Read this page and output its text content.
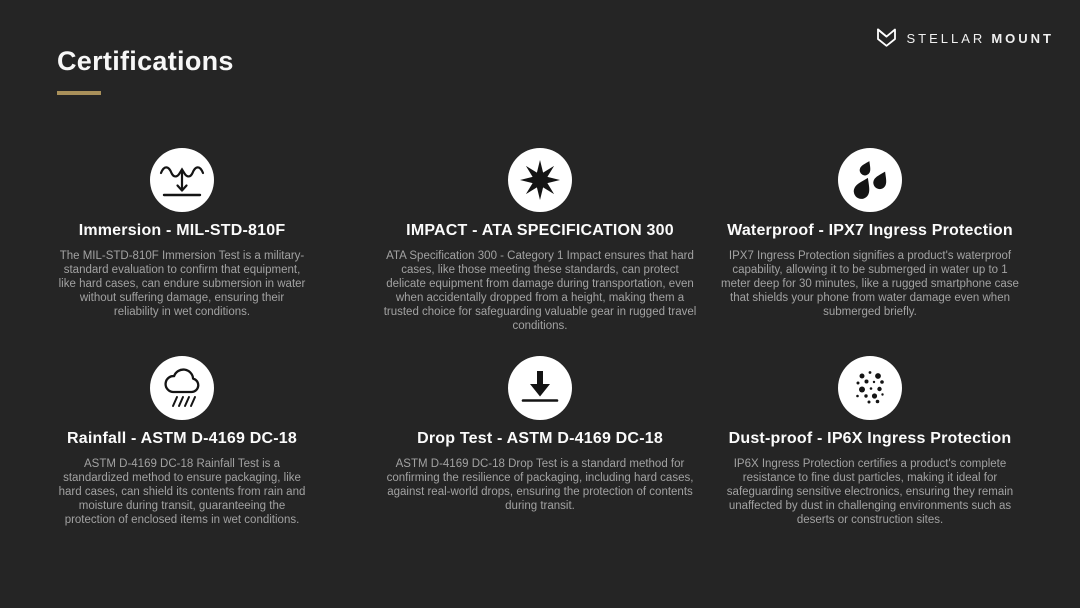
Certifications
STELLAR MOUNT
Immersion - MIL-STD-810F

The MIL-STD-810F Immersion Test is a military-standard evaluation to confirm that equipment, like hard cases, can endure submersion in water without suffering damage, ensuring their reliability in wet conditions.

IMPACT - ATA SPECIFICATION 300

ATA Specification 300 - Category 1 Impact ensures that hard cases, like those meeting these standards, can protect delicate equipment from damage during transportation, even when accidentally dropped from a height, making them a trusted choice for safeguarding valuable gear in rugged travel conditions.

Waterproof - IPX7 Ingress Protection

IPX7 Ingress Protection signifies a product's waterproof capability, allowing it to be submerged in water up to 1 meter deep for 30 minutes, like a rugged smartphone case that shields your phone from water damage even when submerged briefly.

Rainfall - ASTM D-4169 DC-18

ASTM D-4169 DC-18 Rainfall Test is a standardized method to ensure packaging, like hard cases, can shield its contents from rain and moisture during transit, guaranteeing the protection of enclosed items in wet conditions.

Drop Test - ASTM D-4169 DC-18

ASTM D-4169 DC-18 Drop Test is a standard method for confirming the resilience of packaging, including hard cases, against real-world drops, ensuring the protection of contents during transit.

Dust-proof - IP6X Ingress Protection

IP6X Ingress Protection certifies a product's complete resistance to fine dust particles, making it ideal for safeguarding sensitive electronics, ensuring they remain unaffected by dust in challenging environments such as deserts or construction sites.
